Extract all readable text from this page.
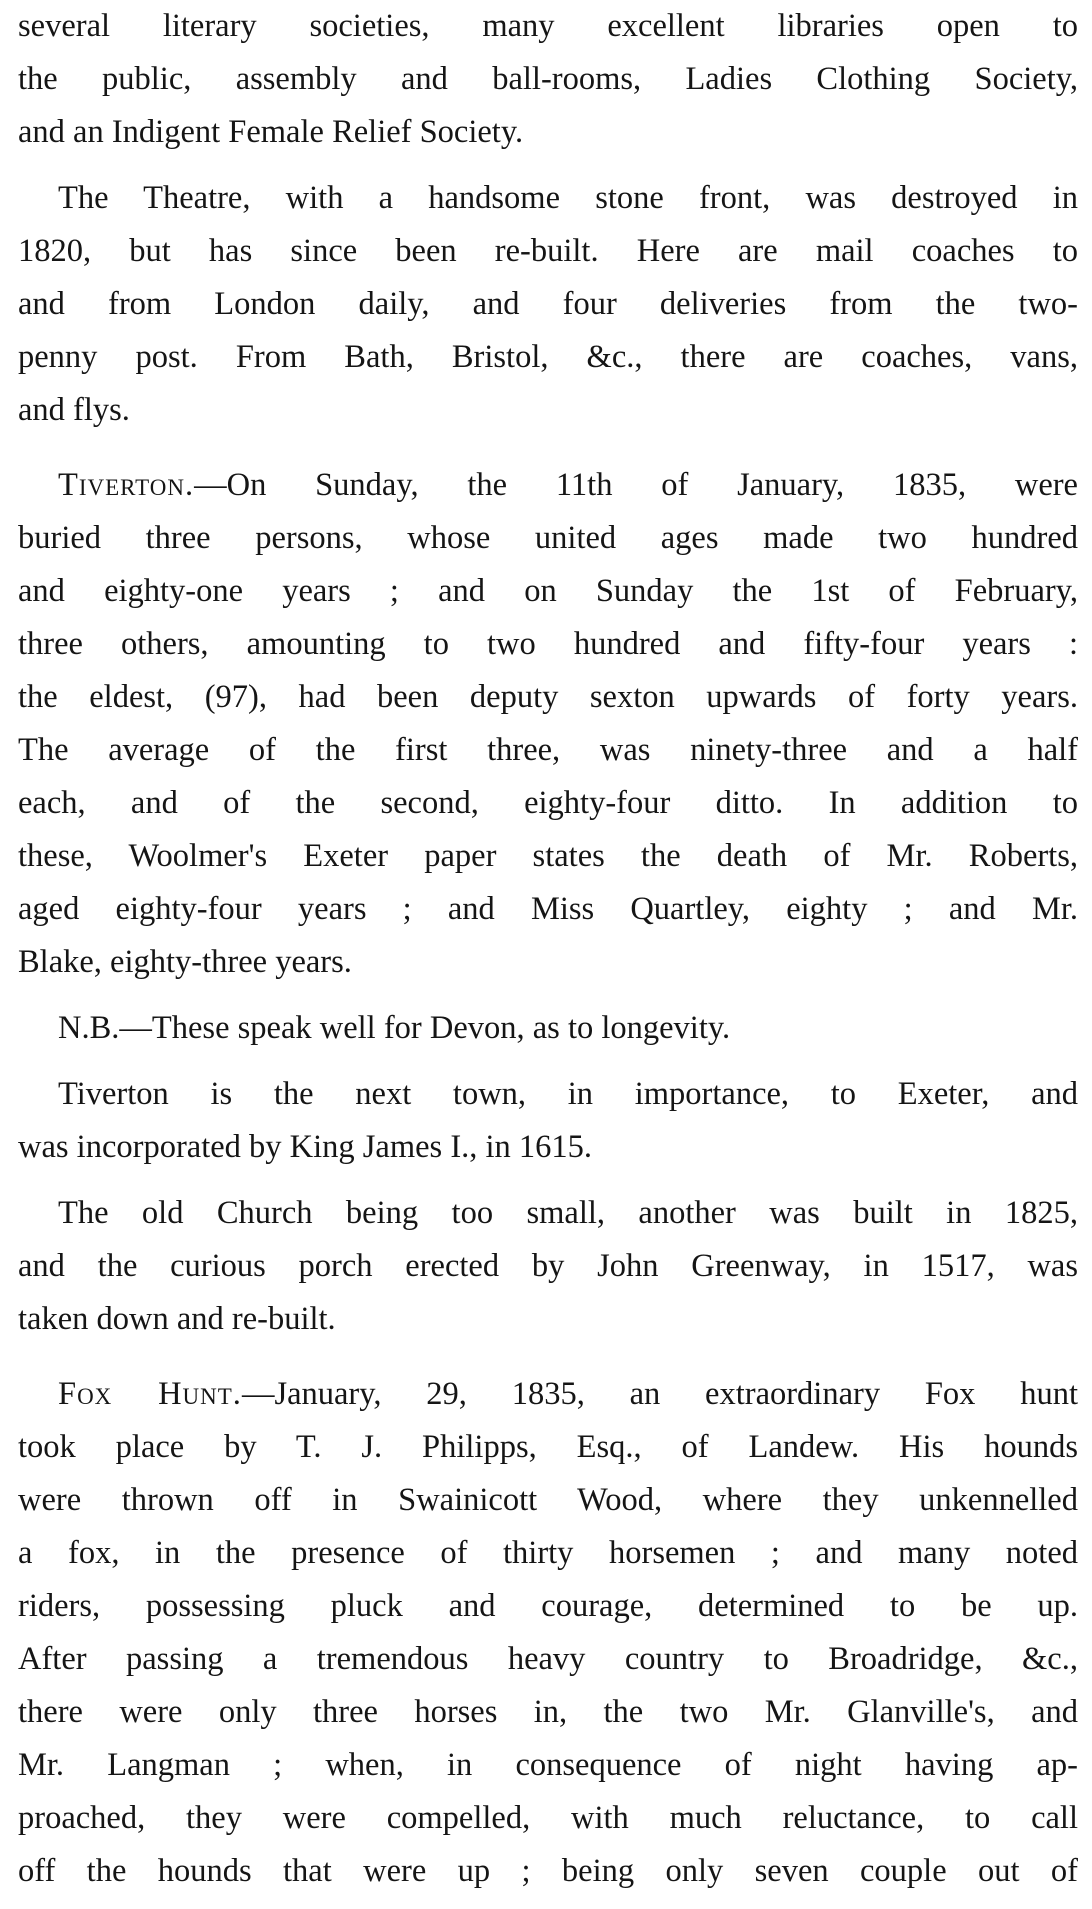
several literary societies, many excellent libraries open to
the public, assembly and ball-rooms, Ladies Clothing Society,
and an Indigent Female Relief Society.
The Theatre, with a handsome stone front, was destroyed in
1820, but has since been re-built. Here are mail coaches to
and from London daily, and four deliveries from the two-
penny post. From Bath, Bristol, &c., there are coaches, vans,
and flys.
Tiverton.—On Sunday, the 11th of January, 1835, were
buried three persons, whose united ages made two hundred
and eighty-one years ; and on Sunday the 1st of February,
three others, amounting to two hundred and fifty-four years :
the eldest, (97), had been deputy sexton upwards of forty years.
The average of the first three, was ninety-three and a half
each, and of the second, eighty-four ditto. In addition to
these, Woolmer's Exeter paper states the death of Mr. Roberts,
aged eighty-four years ; and Miss Quartley, eighty ; and Mr.
Blake, eighty-three years.
N.B.—These speak well for Devon, as to longevity.
Tiverton is the next town, in importance, to Exeter, and
was incorporated by King James I., in 1615.
The old Church being too small, another was built in 1825,
and the curious porch erected by John Greenway, in 1517, was
taken down and re-built.
Fox Hunt.—January, 29, 1835, an extraordinary Fox hunt
took place by T. J. Philipps, Esq., of Landew. His hounds
were thrown off in Swainicott Wood, where they unkennelled
a fox, in the presence of thirty horsemen ; and many noted
riders, possessing pluck and courage, determined to be up.
After passing a tremendous heavy country to Broadridge, &c.,
there were only three horses in, the two Mr. Glanville's, and
Mr. Langman ; when, in consequence of night having ap-
proached, they were compelled, with much reluctance, to call
off the hounds that were up ; being only seven couple out of
